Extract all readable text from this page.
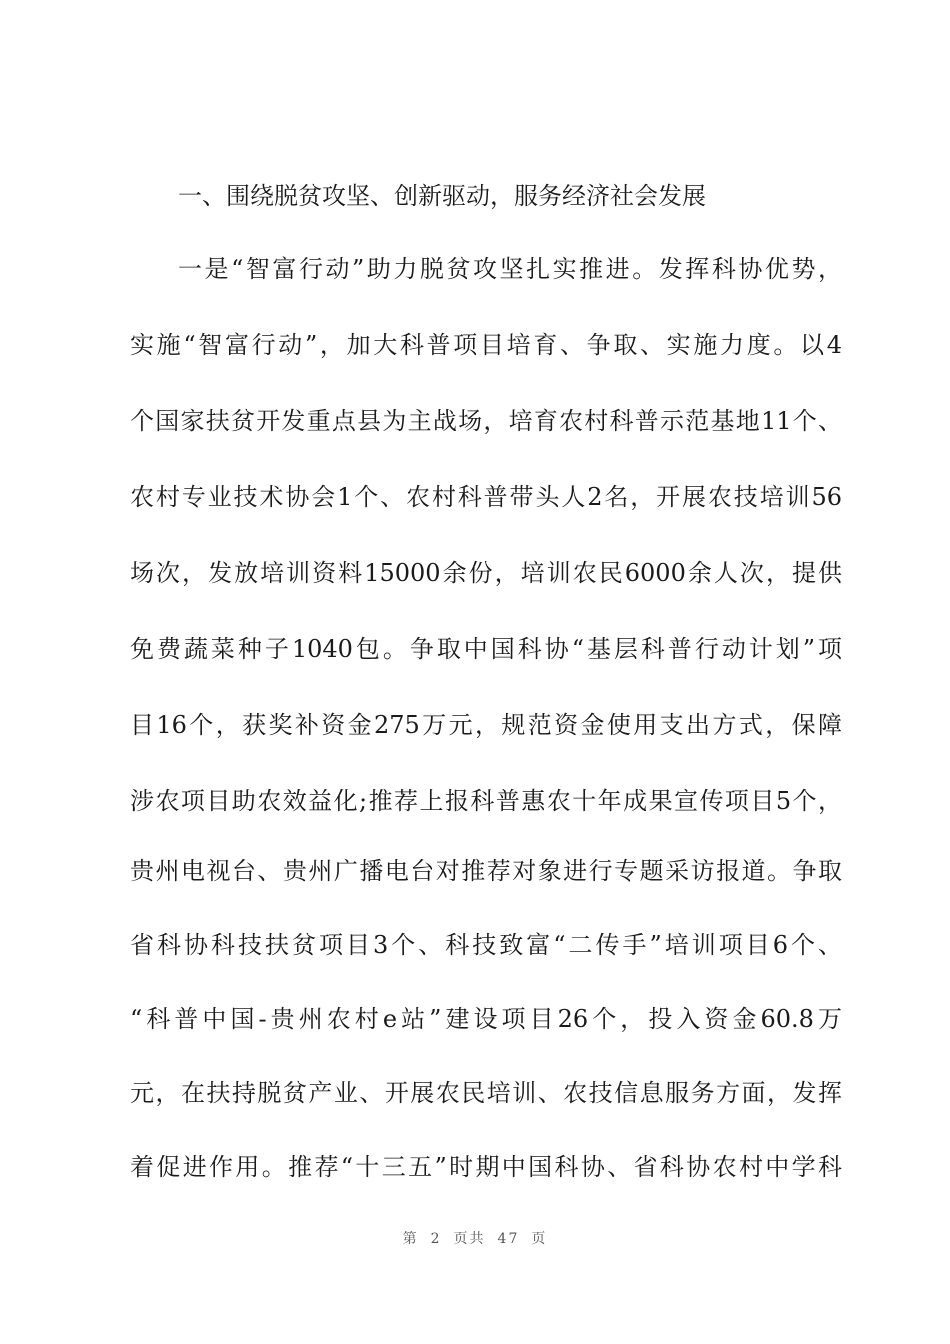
一、围绕脱贫攻坚、创新驱动，服务经济社会发展
一是“智富行动”助力脱贫攻坚扎实推进。发挥科协优势，
实施“智富行动”，加大科普项目培育、争取、实施力度。以4
个国家扶贫开发重点县为主战场，培育农村科普示范基地11个、
农村专业技术协会1个、农村科普带头人2名，开展农技培训56
场次，发放培训资料15000余份，培训农民6000余人次，提供
免费蔬菜种子1040包。争取中国科协“基层科普行动计划”项
目16个，获奖补资金275万元，规范资金使用支出方式，保障
涉农项目助农效益化;推荐上报科普惠农十年成果宣传项目5个，
贵州电视台、贵州广播电台对推荐对象进行专题采访报道。争取
省科协科技扶贫项目3个、科技致富“二传手”培训项目6个、
“科普中国-贵州农村e站”建设项目26个，投入资金60.8万
元，在扶持脱贫产业、开展农民培训、农技信息服务方面，发挥
着促进作用。推荐“十三五”时期中国科协、省科协农村中学科
第 2 页共 47 页
